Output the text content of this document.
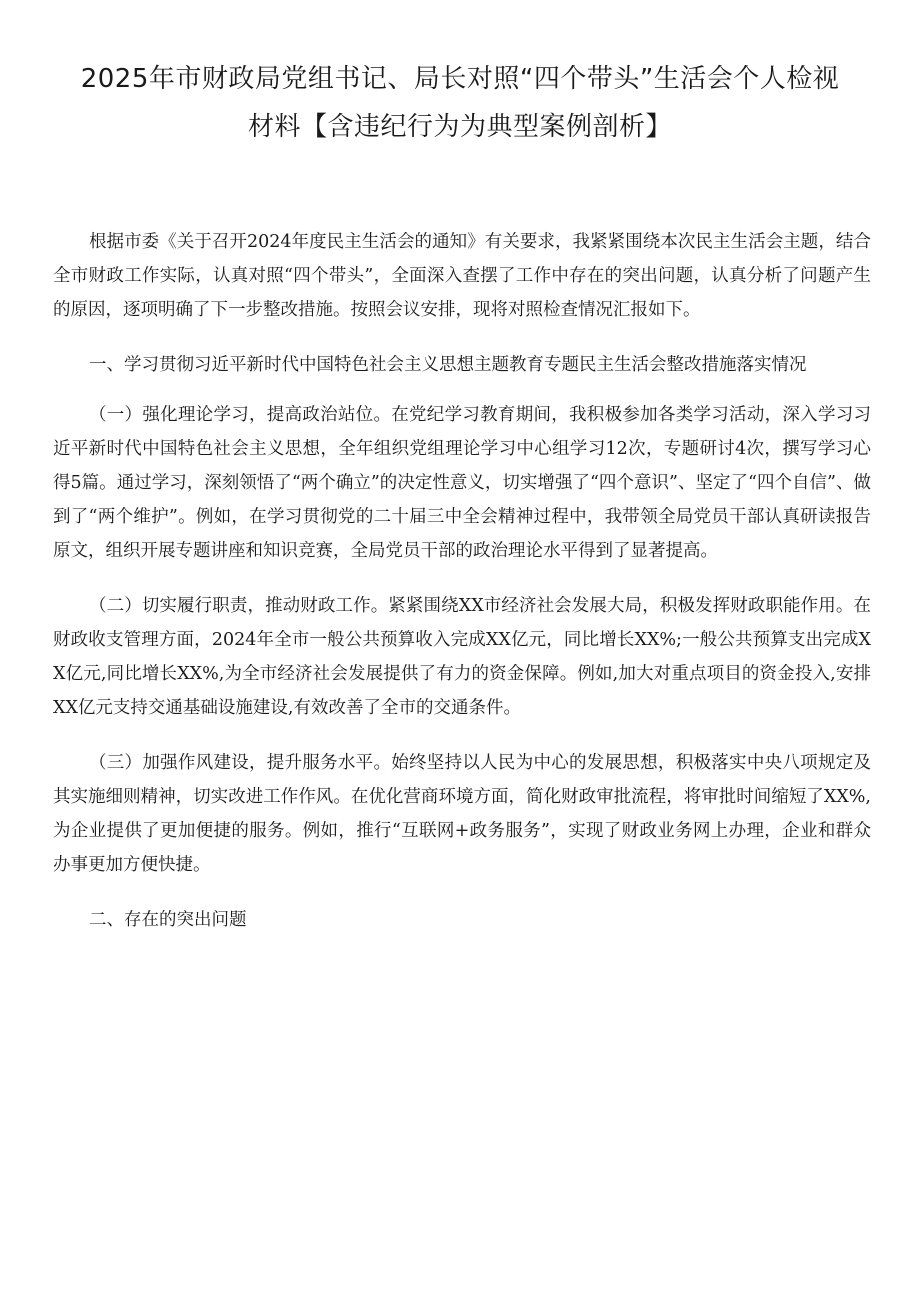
2025年市财政局党组书记、局长对照“四个带头”生活会个人检视
材料【含违纪行为为典型案例剖析】

根据市委《关于召开2024年度民主生活会的通知》有关要求，我紧紧围绕本次民主生活会主题，结合全市财政工作实际，认真对照“四个带头”，全面深入查摆了工作中存在的突出问题，认真分析了问题产生的原因，逐项明确了下一步整改措施。按照会议安排，现将对照检查情况汇报如下。

一、学习贯彻习近平新时代中国特色社会主义思想主题教育专题民主生活会整改措施落实情况

（一）强化理论学习，提高政治站位。在党纪学习教育期间，我积极参加各类学习活动，深入学习习近平新时代中国特色社会主义思想，全年组织党组理论学习中心组学习12次，专题研讨4次，撰写学习心得5篇。通过学习，深刻领悟了“两个确立”的决定性意义，切实增强了“四个意识”、坚定了“四个自信”、做到了“两个维护”。例如，在学习贯彻党的二十届三中全会精神过程中，我带领全局党员干部认真研读报告原文，组织开展专题讲座和知识竞赛，全局党员干部的政治理论水平得到了显著提高。

（二）切实履行职责，推动财政工作。紧紧围绕XX市经济社会发展大局，积极发挥财政职能作用。在财政收支管理方面，2024年全市一般公共预算收入完成XX亿元，同比增长XX%;一般公共预算支出完成XX亿元,同比增长XX%,为全市经济社会发展提供了有力的资金保障。例如,加大对重点项目的资金投入,安排XX亿元支持交通基础设施建设,有效改善了全市的交通条件。

（三）加强作风建设，提升服务水平。始终坚持以人民为中心的发展思想，积极落实中央八项规定及其实施细则精神，切实改进工作作风。在优化营商环境方面，简化财政审批流程，将审批时间缩短了XX%,为企业提供了更加便捷的服务。例如，推行“互联网+政务服务”，实现了财政业务网上办理，企业和群众办事更加方便快捷。

二、存在的突出问题
